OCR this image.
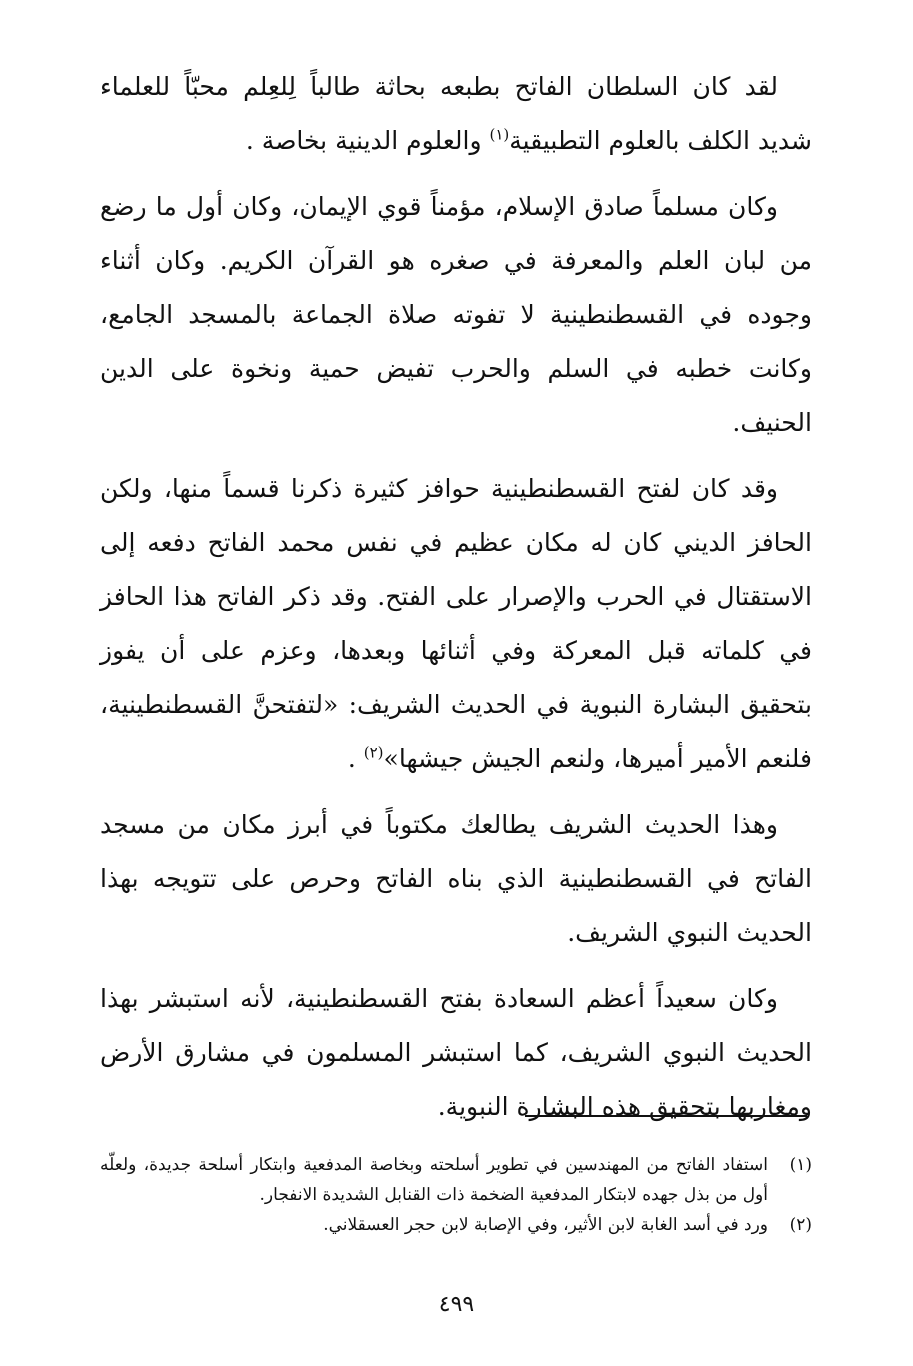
لقد كان السلطان الفاتح بطبعه بحاثة طالباً لِلعِلم محبّاً للعلماء شديد الكلف بالعلوم التطبيقية$^{(١)}$ والعلوم الدينية بخاصة .

وكان مسلماً صادق الإسلام، مؤمناً قوي الإيمان، وكان أول ما رضع من لبان العلم والمعرفة في صغره هو القرآن الكريم. وكان أثناء وجوده في القسطنطينية لا تفوته صلاة الجماعة بالمسجد الجامع، وكانت خطبه في السلم والحرب تفيض حمية ونخوة على الدين الحنيف.

وقد كان لفتح القسطنطينية حوافز كثيرة ذكرنا قسماً منها، ولكن الحافز الديني كان له مكان عظيم في نفس محمد الفاتح دفعه إلى الاستقتال في الحرب والإصرار على الفتح. وقد ذكر الفاتح هذا الحافز في كلماته قبل المعركة وفي أثنائها وبعدها، وعزم على أن يفوز بتحقيق البشارة النبوية في الحديث الشريف: «لتفتحنَّ القسطنطينية، فلنعم الأمير أميرها، ولنعم الجيش جيشها»$^{(٢)}$ .

وهذا الحديث الشريف يطالعك مكتوباً في أبرز مكان من مسجد الفاتح في القسطنطينية الذي بناه الفاتح وحرص على تتويجه بهذا الحديث النبوي الشريف.

وكان سعيداً أعظم السعادة بفتح القسطنطينية، لأنه استبشر بهذا الحديث النبوي الشريف، كما استبشر المسلمون في مشارق الأرض ومغاربها بتحقيق هذه البشارة النبوية.

(١)
استفاد الفاتح من المهندسين في تطوير أسلحته وبخاصة المدفعية وابتكار أسلحة جديدة، ولعلّه أول من بذل جهده لابتكار المدفعية الضخمة ذات القنابل الشديدة الانفجار.
(٢)
ورد في أسد الغابة لابن الأثير، وفي الإصابة لابن حجر العسقلاني.
٤٩٩
